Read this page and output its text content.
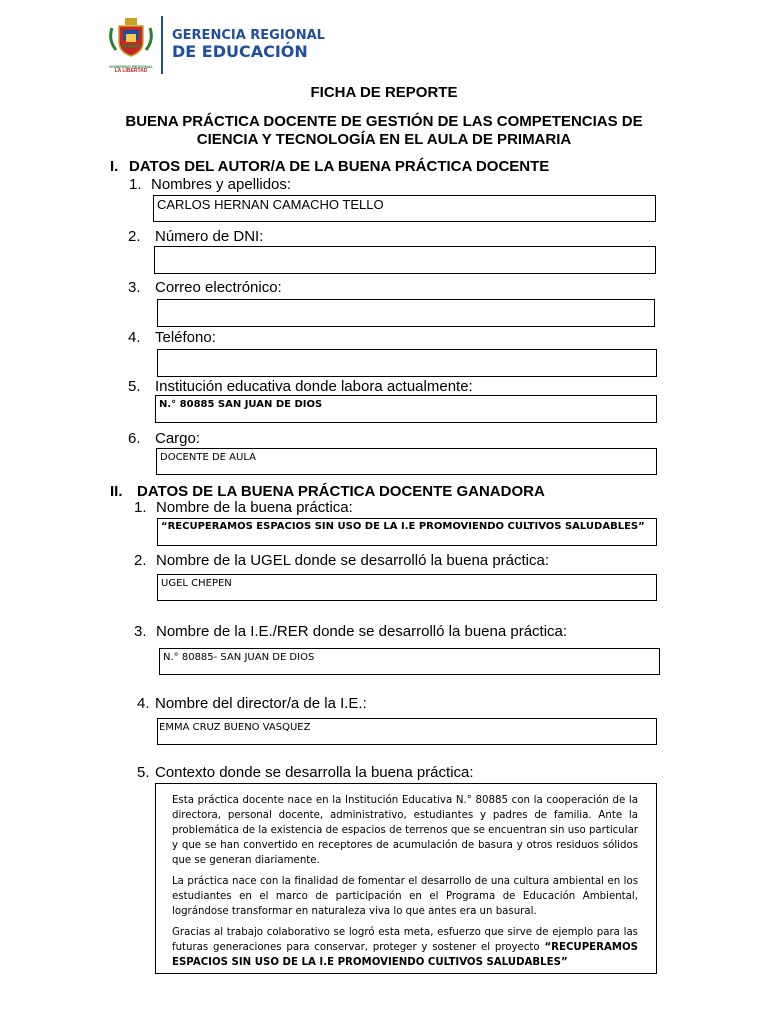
GOBIERNO REGIONAL
LA LIBERTAD
GERENCIA REGIONAL
DE EDUCACIÓN
FICHA DE REPORTE
BUENA PRÁCTICA DOCENTE DE GESTIÓN DE LAS COMPETENCIAS DE
CIENCIA Y TECNOLOGÍA EN EL AULA DE PRIMARIA
I. DATOS DEL AUTOR/A DE LA BUENA PRÁCTICA DOCENTE
1. Nombres y apellidos:
CARLOS HERNAN CAMACHO TELLO
2. Número de DNI:
3. Correo electrónico:
4. Teléfono:
5. Institución educativa donde labora actualmente:
N.° 80885 SAN JUAN DE DIOS
6. Cargo:
DOCENTE DE AULA
II. DATOS DE LA BUENA PRÁCTICA DOCENTE GANADORA
1. Nombre de la buena práctica:
“RECUPERAMOS ESPACIOS SIN USO DE LA I.E PROMOVIENDO CULTIVOS SALUDABLES”
2. Nombre de la UGEL donde se desarrolló la buena práctica:
UGEL CHEPEN
3. Nombre de la I.E./RER donde se desarrolló la buena práctica:
N.° 80885- SAN JUAN DE DIOS
4. Nombre del director/a de la I.E.:
EMMA CRUZ BUENO VASQUEZ
5. Contexto donde se desarrolla la buena práctica:

Esta práctica docente nace en la Institución Educativa N.° 80885 con la cooperación de la directora, personal docente, administrativo, estudiantes y padres de familia. Ante la problemática de la existencia de espacios de terrenos que se encuentran sin uso particular y que se han convertido en receptores de acumulación de basura y otros residuos sólidos que se generan diariamente.

La práctica nace con la finalidad de fomentar el desarrollo de una cultura ambiental en los estudiantes en el marco de participación en el Programa de Educación Ambiental, lográndose transformar en naturaleza viva lo que antes era un basural.

Gracias al trabajo colaborativo se logró esta meta, esfuerzo que sirve de ejemplo para las futuras generaciones para conservar, proteger y sostener el proyecto “RECUPERAMOS ESPACIOS SIN USO DE LA I.E PROMOVIENDO CULTIVOS SALUDABLES”
